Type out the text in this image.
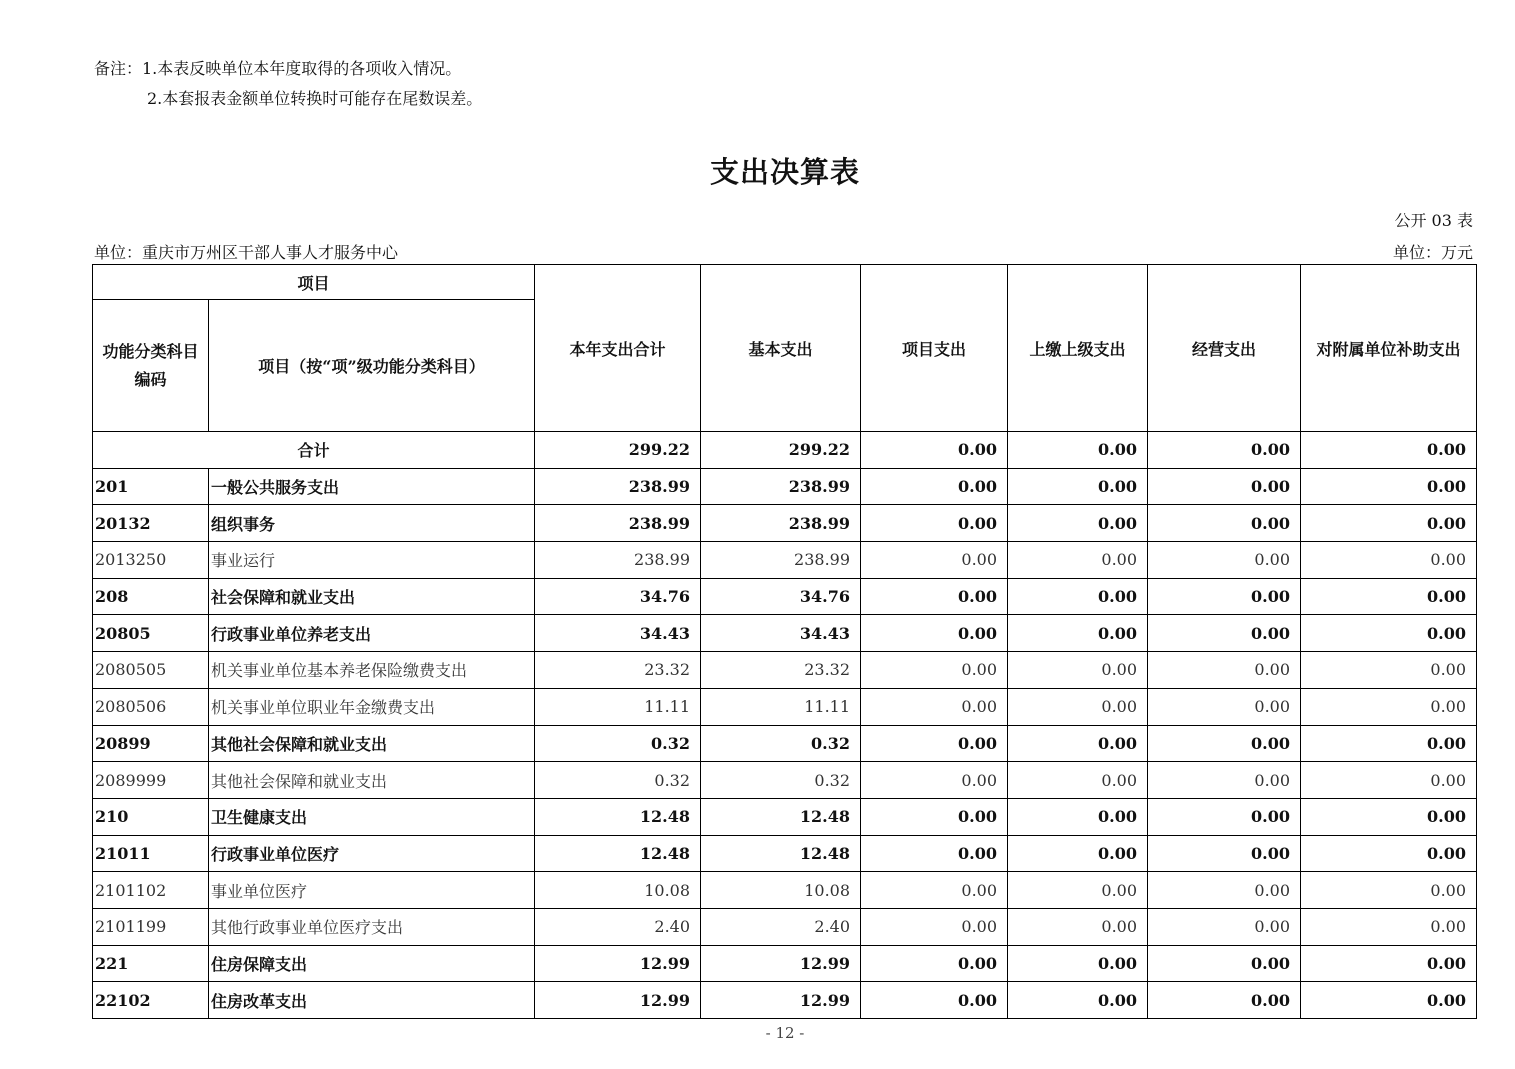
备注：1.本表反映单位本年度取得的各项收入情况。
2.本套报表金额单位转换时可能存在尾数误差。
支出决算表
公开 03 表
单位：重庆市万州区干部人事人才服务中心	单位：万元
项目		本年支出合计	基本支出	项目支出	上缴上级支出	经营支出	对附属单位补助支出
功能分类科目编码	项目（按“项”级功能分类科目）						
合计		299.22	299.22	0.00	0.00	0.00	0.00
201	一般公共服务支出	238.99	238.99	0.00	0.00	0.00	0.00
20132	组织事务	238.99	238.99	0.00	0.00	0.00	0.00
2013250	事业运行	238.99	238.99	0.00	0.00	0.00	0.00
208	社会保障和就业支出	34.76	34.76	0.00	0.00	0.00	0.00
20805	行政事业单位养老支出	34.43	34.43	0.00	0.00	0.00	0.00
2080505	机关事业单位基本养老保险缴费支出	23.32	23.32	0.00	0.00	0.00	0.00
2080506	机关事业单位职业年金缴费支出	11.11	11.11	0.00	0.00	0.00	0.00
20899	其他社会保障和就业支出	0.32	0.32	0.00	0.00	0.00	0.00
2089999	其他社会保障和就业支出	0.32	0.32	0.00	0.00	0.00	0.00
210	卫生健康支出	12.48	12.48	0.00	0.00	0.00	0.00
21011	行政事业单位医疗	12.48	12.48	0.00	0.00	0.00	0.00
2101102	事业单位医疗	10.08	10.08	0.00	0.00	0.00	0.00
2101199	其他行政事业单位医疗支出	2.40	2.40	0.00	0.00	0.00	0.00
221	住房保障支出	12.99	12.99	0.00	0.00	0.00	0.00
22102	住房改革支出	12.99	12.99	0.00	0.00	0.00	0.00
- 12 -
